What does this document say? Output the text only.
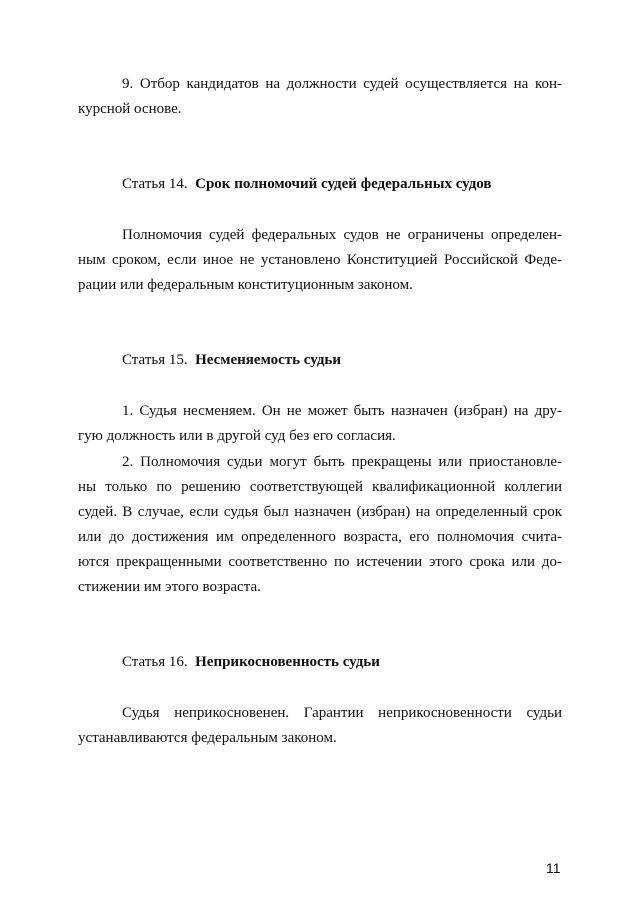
9. Отбор кандидатов на должности судей осуществляется на кон-
курсной основе.
Статья 14. Срок полномочий судей федеральных судов
Полномочия судей федеральных судов не ограничены определен-
ным сроком, если иное не установлено Конституцией Российской Феде-
рации или федеральным конституционным законом.
Статья 15. Несменяемость судьи
1. Судья несменяем. Он не может быть назначен (избран) на дру-
гую должность или в другой суд без его согласия.
2. Полномочия судьи могут быть прекращены или приостановле-
ны только по решению соответствующей квалификационной коллегии
судей. В случае, если судья был назначен (избран) на определенный срок
или до достижения им определенного возраста, его полномочия счита-
ются прекращенными соответственно по истечении этого срока или до-
стижении им этого возраста.
Статья 16. Неприкосновенность судьи
Судья неприкосновенен. Гарантии неприкосновенности судьи
устанавливаются федеральным законом.
11
